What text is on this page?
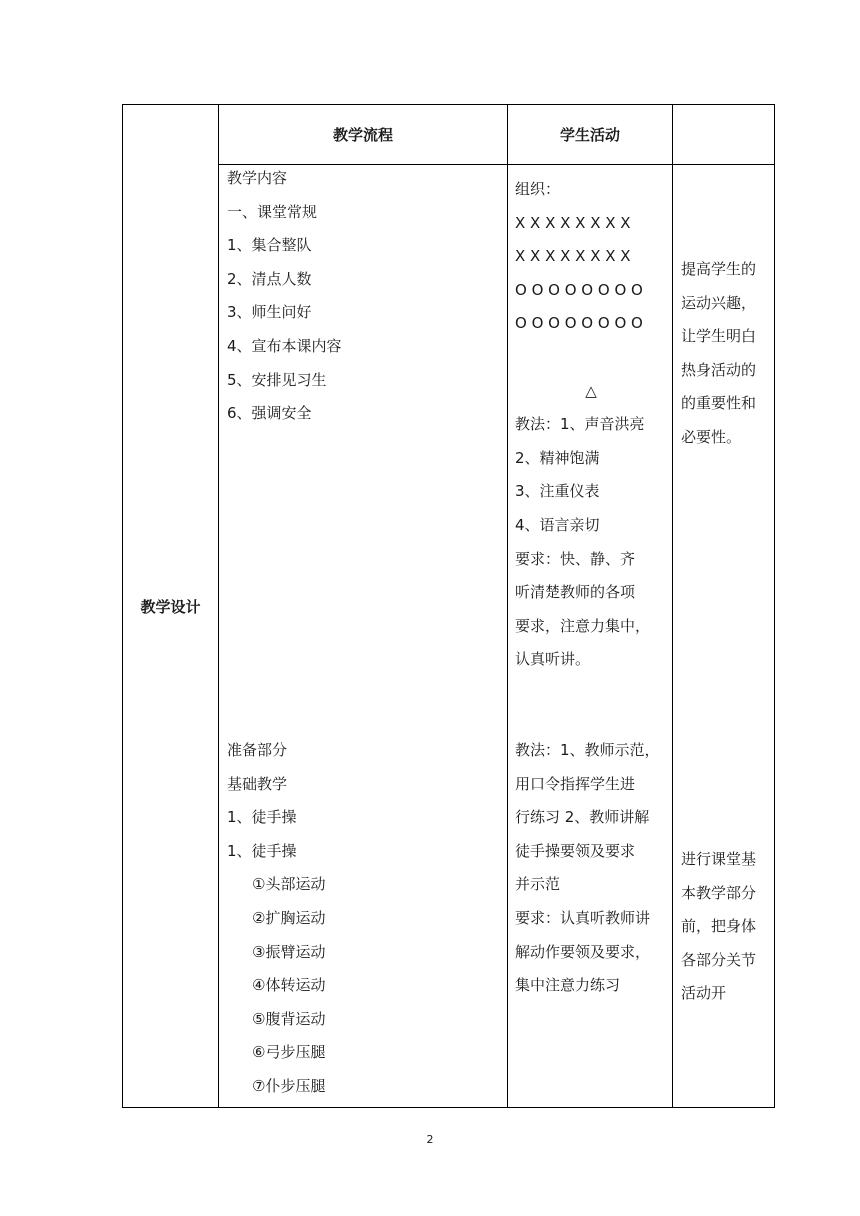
教学设计
教学流程	学生活动
教学内容
一、课堂常规
1、集合整队
2、清点人数
3、师生问好
4、宣布本课内容
5、安排见习生
6、强调安全
准备部分
基础教学
1、徒手操
1、徒手操
①头部运动
②扩胸运动
③振臂运动
④体转运动
⑤腹背运动
⑥弓步压腿
⑦仆步压腿
组织：
X X X X X X X X
X X X X X X X X
O O O O O O O O
O O O O O O O O
△
教法：1、声音洪亮
2、精神饱满
3、注重仪表
4、语言亲切
要求：快、静、齐
听清楚教师的各项
要求，注意力集中，
认真听讲。
教法：1、教师示范，
用口令指挥学生进
行练习 2、教师讲解
徒手操要领及要求
并示范
要求：认真听教师讲
解动作要领及要求，
集中注意力练习
提高学生的
运动兴趣，
让学生明白
热身活动的
的重要性和
必要性。
进行课堂基
本教学部分
前，把身体
各部分关节
活动开
2
